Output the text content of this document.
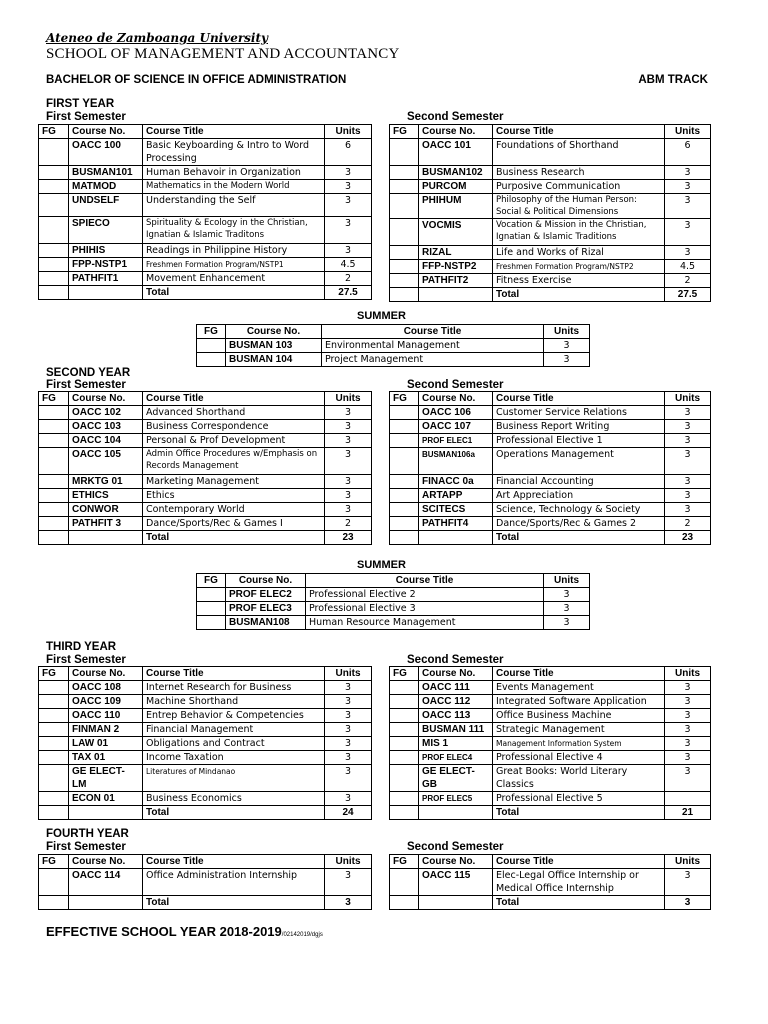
Ateneo de Zamboanga University
SCHOOL OF MANAGEMENT AND ACCOUNTANCY
BACHELOR OF SCIENCE IN OFFICE ADMINISTRATION	ABM TRACK
FIRST YEAR
First Semester	Second Semester
FG	Course No.	Course Title	Units
	OACC 100	Basic Keyboarding & Intro to Word Processing	6
	BUSMAN101	Human Behavoir in Organization	3
	MATMOD	Mathematics in the Modern World	3
	UNDSELF	Understanding the Self	3
	SPIECO	Spirituality & Ecology in the Christian, Ignatian & Islamic Traditons	3
	PHIHIS	Readings in Philippine History	3
	FPP-NSTP1	Freshmen Formation Program/NSTP1	4.5
	PATHFIT1	Movement Enhancement	2
		Total	27.5
FG	Course No.	Course Title	Units
	OACC 101	Foundations of Shorthand	6
	BUSMAN102	Business Research	3
	PURCOM	Purposive Communication	3
	PHIHUM	Philosophy of the Human Person: Social & Political Dimensions	3
	VOCMIS	Vocation & Mission in the Christian, Ignatian & Islamic Traditions	3
	RIZAL	Life and Works of Rizal	3
	FFP-NSTP2	Freshmen Formation Program/NSTP2	4.5
	PATHFIT2	Fitness Exercise	2
		Total	27.5
SUMMER
FG	Course No.	Course Title	Units
	BUSMAN 103	Environmental Management	3
	BUSMAN 104	Project Management	3
SECOND YEAR
First Semester	Second Semester
FG	Course No.	Course Title	Units
	OACC 102	Advanced Shorthand	3
	OACC 103	Business Correspondence	3
	OACC 104	Personal & Prof Development	3
	OACC 105	Admin Office Procedures w/Emphasis on Records Management	3
	MRKTG 01	Marketing Management	3
	ETHICS	Ethics	3
	CONWOR	Contemporary World	3
	PATHFIT 3	Dance/Sports/Rec & Games I	2
		Total	23
FG	Course No.	Course Title	Units
	OACC 106	Customer Service Relations	3
	OACC 107	Business Report Writing	3
	PROF ELEC1	Professional Elective 1	3
	BUSMAN106a	Operations Management	3
	FINACC 0a	Financial Accounting	3
	ARTAPP	Art Appreciation	3
	SCITECS	Science, Technology & Society	3
	PATHFIT4	Dance/Sports/Rec & Games 2	2
		Total	23
SUMMER
FG	Course No.	Course Title	Units
	PROF ELEC2	Professional Elective 2	3
	PROF ELEC3	Professional Elective 3	3
	BUSMAN108	Human Resource Management	3
THIRD YEAR
First Semester	Second Semester
FG	Course No.	Course Title	Units
	OACC 108	Internet Research for Business	3
	OACC 109	Machine Shorthand	3
	OACC 110	Entrep Behavior & Competencies	3
	FINMAN 2	Financial Management	3
	LAW 01	Obligations and Contract	3
	TAX 01	Income Taxation	3
	GE ELECT-LM	Literatures of Mindanao	3
	ECON 01	Business Economics	3
		Total	24
FG	Course No.	Course Title	Units
	OACC 111	Events Management	3
	OACC 112	Integrated Software Application	3
	OACC 113	Office Business Machine	3
	BUSMAN 111	Strategic Management	3
	MIS 1	Management Information System	3
	PROF ELEC4	Professional Elective 4	3
	GE ELECT-GB	Great Books: World Literary Classics	3
	PROF ELEC5	Professional Elective 5	
		Total	21
FOURTH YEAR
First Semester	Second Semester
FG	Course No.	Course Title	Units
	OACC 114	Office Administration Internship	3
		Total	3
FG	Course No.	Course Title	Units
	OACC 115	Elec-Legal Office Internship or Medical Office Internship	3
		Total	3
EFFECTIVE SCHOOL YEAR 2018-2019/02142019/dgjs
